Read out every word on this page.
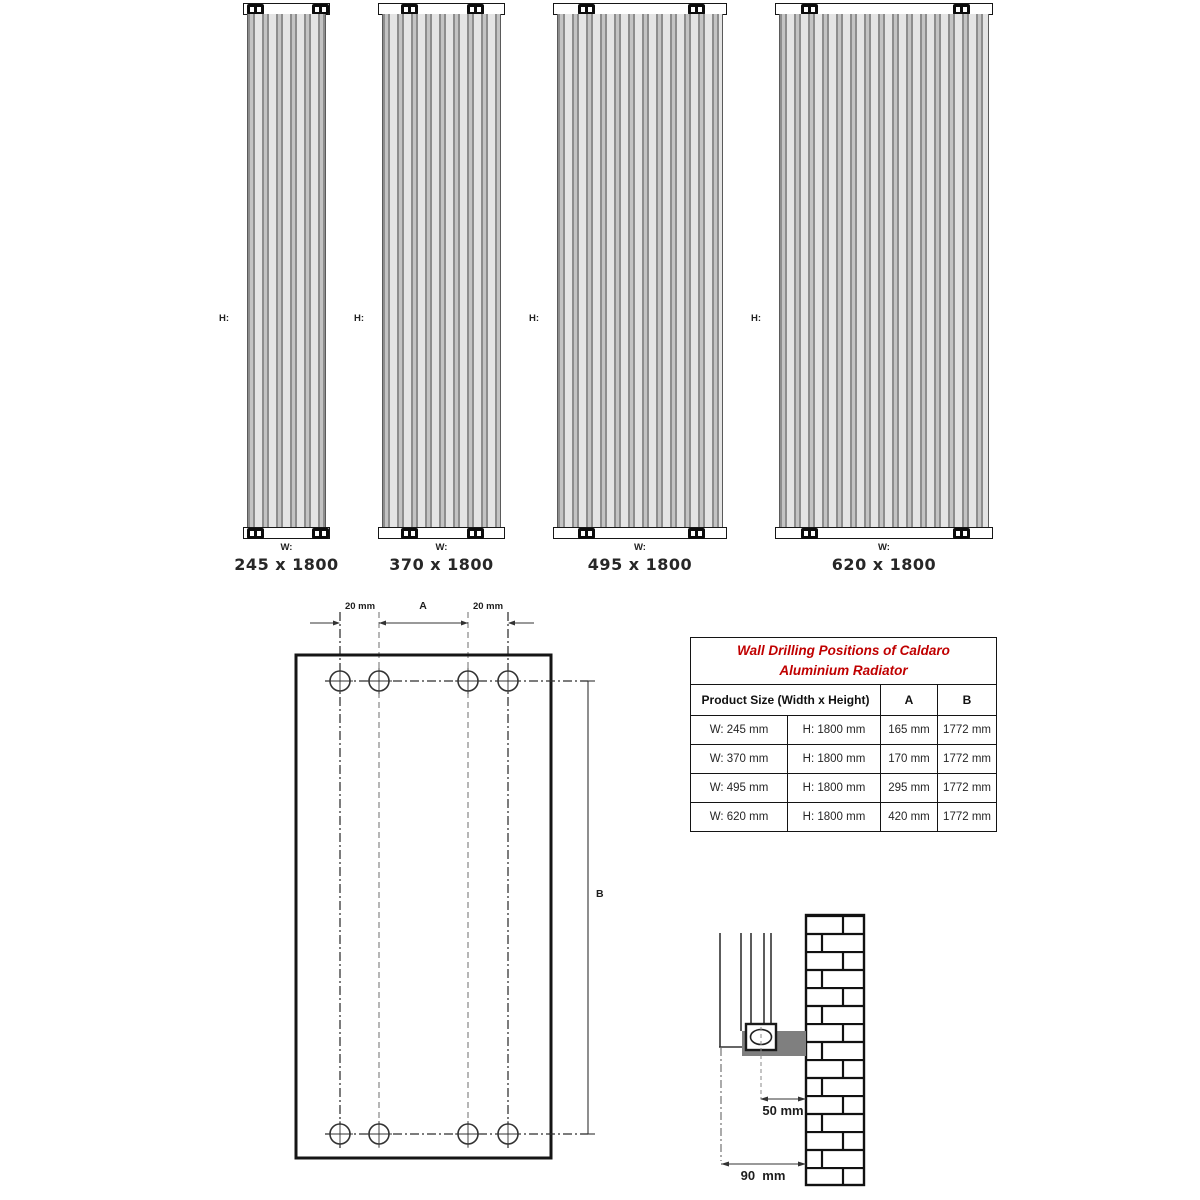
H:
W:
245 x 1800
H:
W:
370 x 1800
H:
W:
495 x 1800
H:
W:
620 x 1800
20 mm	A	20 mm
B
Wall Drilling Positions of Caldaro
Aluminium Radiator			

Product Size (Width x Height)		A	B
W: 245 mm	H: 1800 mm	165 mm	1772 mm
W: 370 mm	H: 1800 mm	170 mm	1772 mm
W: 495 mm	H: 1800 mm	295 mm	1772 mm
W: 620 mm	H: 1800 mm	420 mm	1772 mm
50 mm
90  mm
